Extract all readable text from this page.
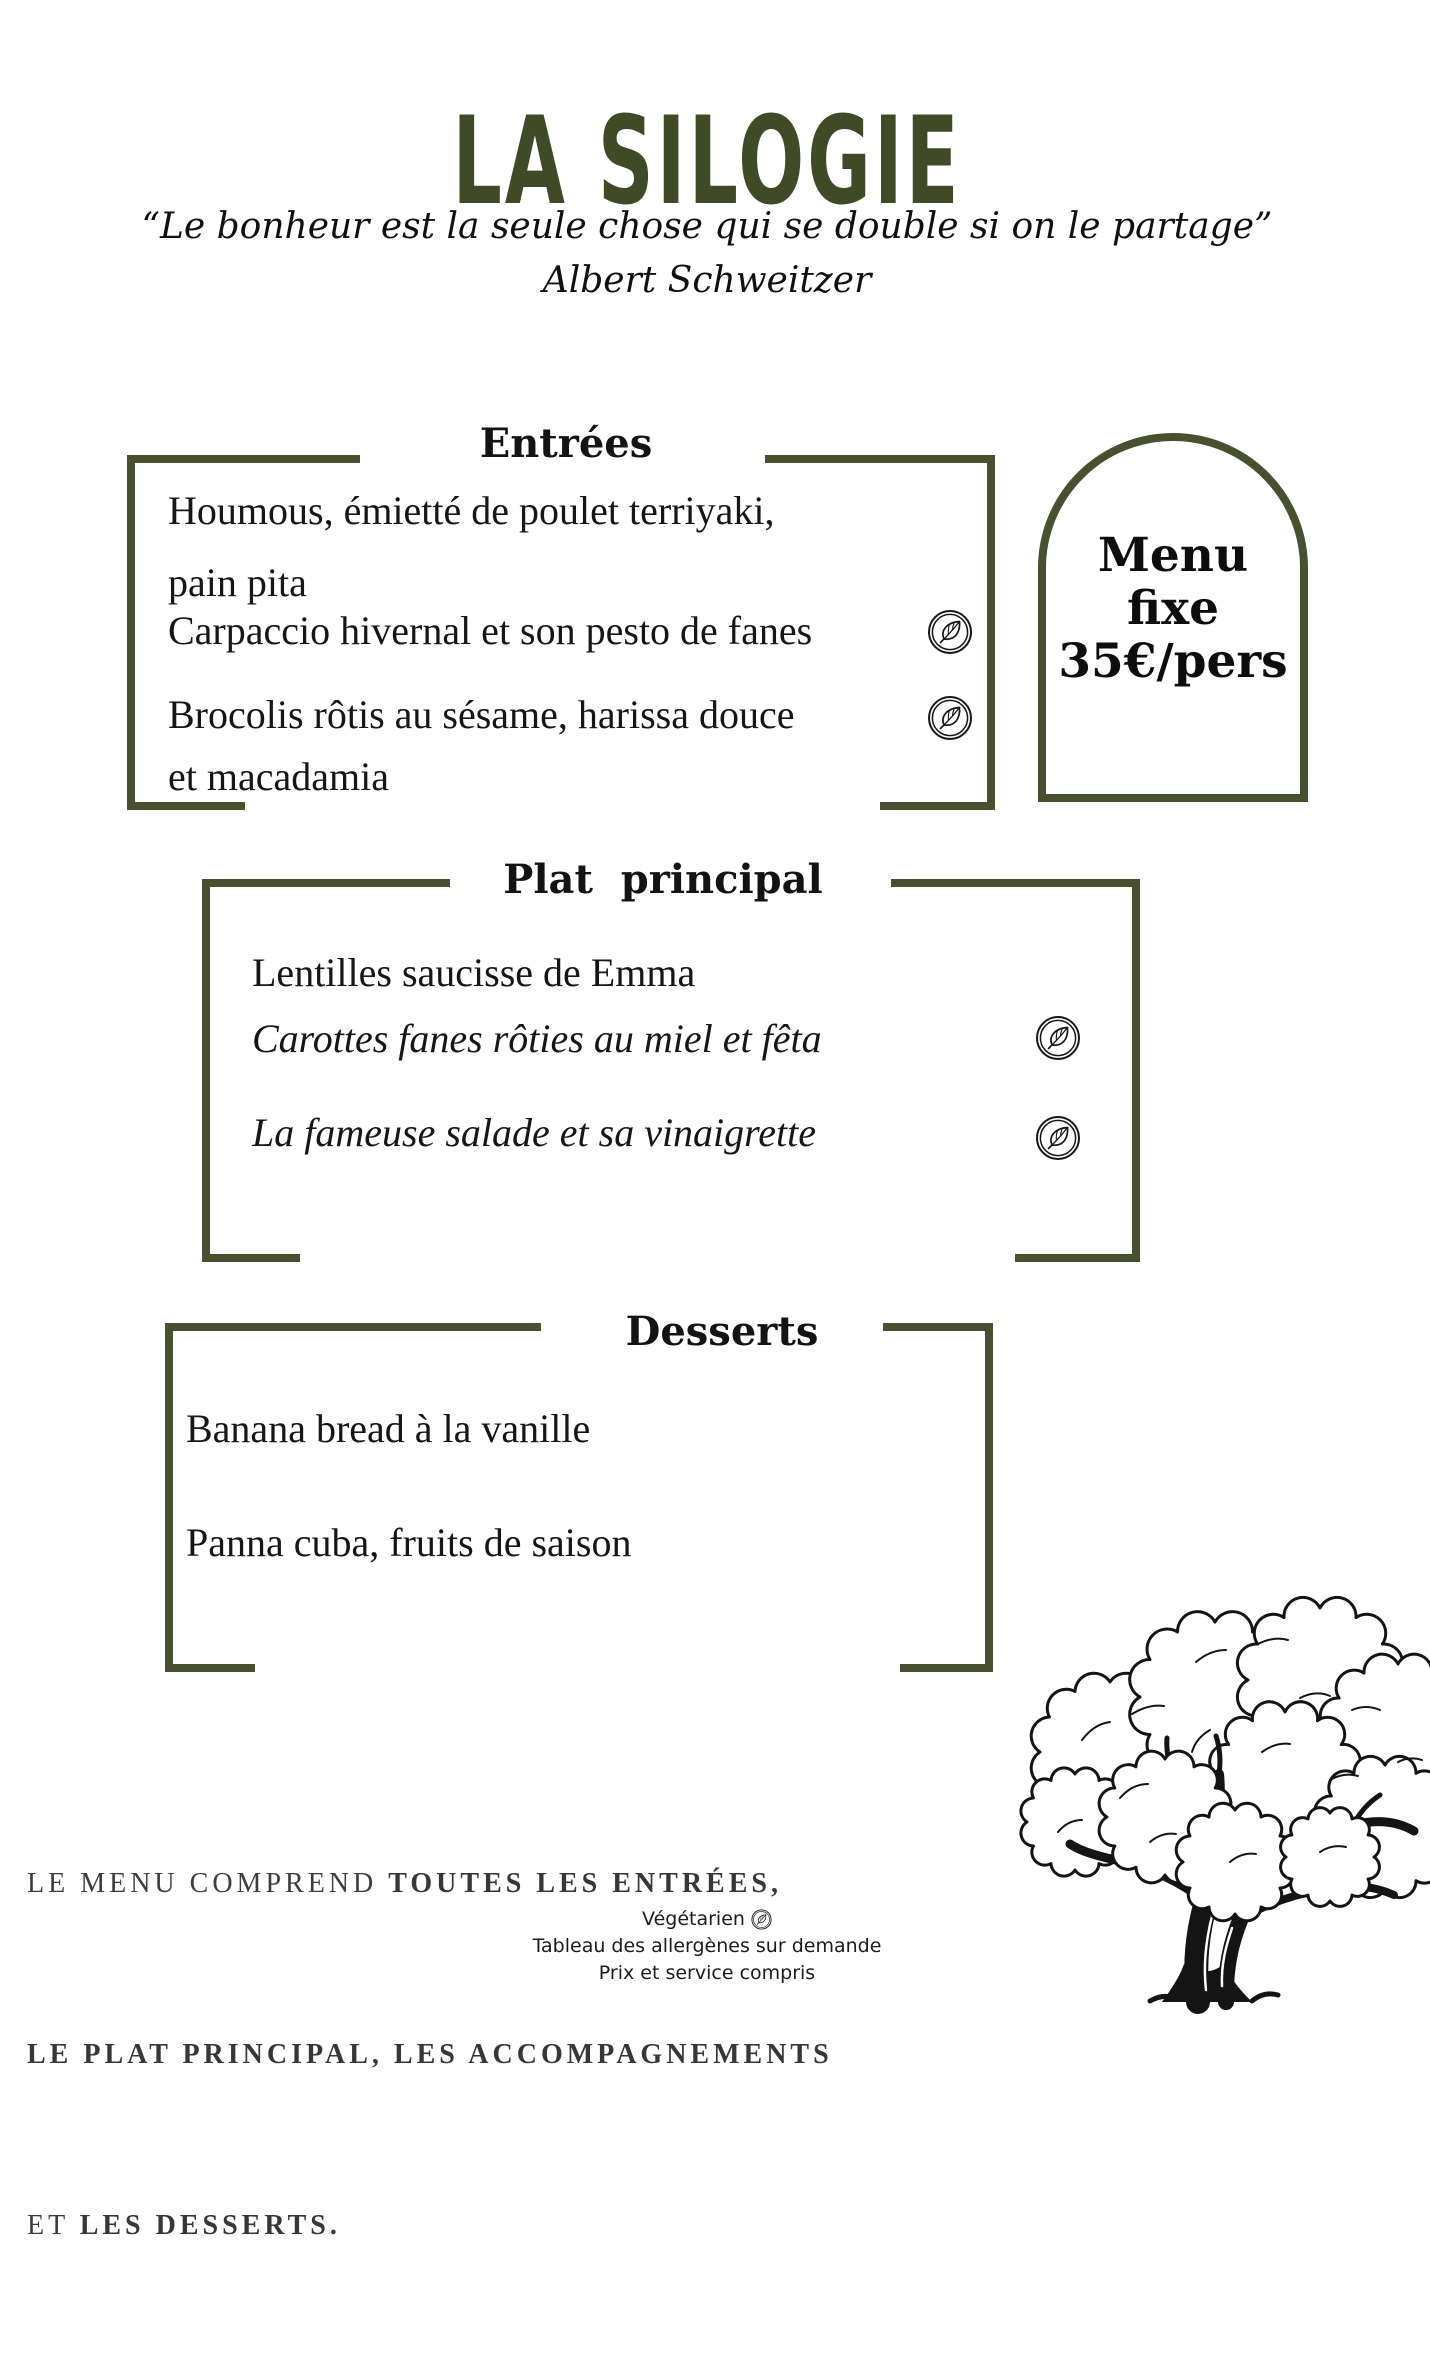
LA SILOGIE
“Le bonheur est la seule chose qui se double si on le partage”
Albert Schweitzer
Entrées
Houmous, émietté de poulet terriyaki,
pain pita
Carpaccio hivernal et son pesto de fanes
Brocolis rôtis au sésame, harissa douce
et macadamia
Menu
fixe
35€/pers
Plat  principal
Lentilles saucisse de Emma
Carottes fanes rôties au miel et fêta
La fameuse salade et sa vinaigrette
Desserts
Banana bread à la vanille
Panna cuba, fruits de saison

LE MENU COMPREND TOUTES LES ENTRÉES,

LE PLAT PRINCIPAL, LES ACCOMPAGNEMENTS

ET LES DESSERTS.

Végétarien
Tableau des allergènes sur demande
Prix et service compris
